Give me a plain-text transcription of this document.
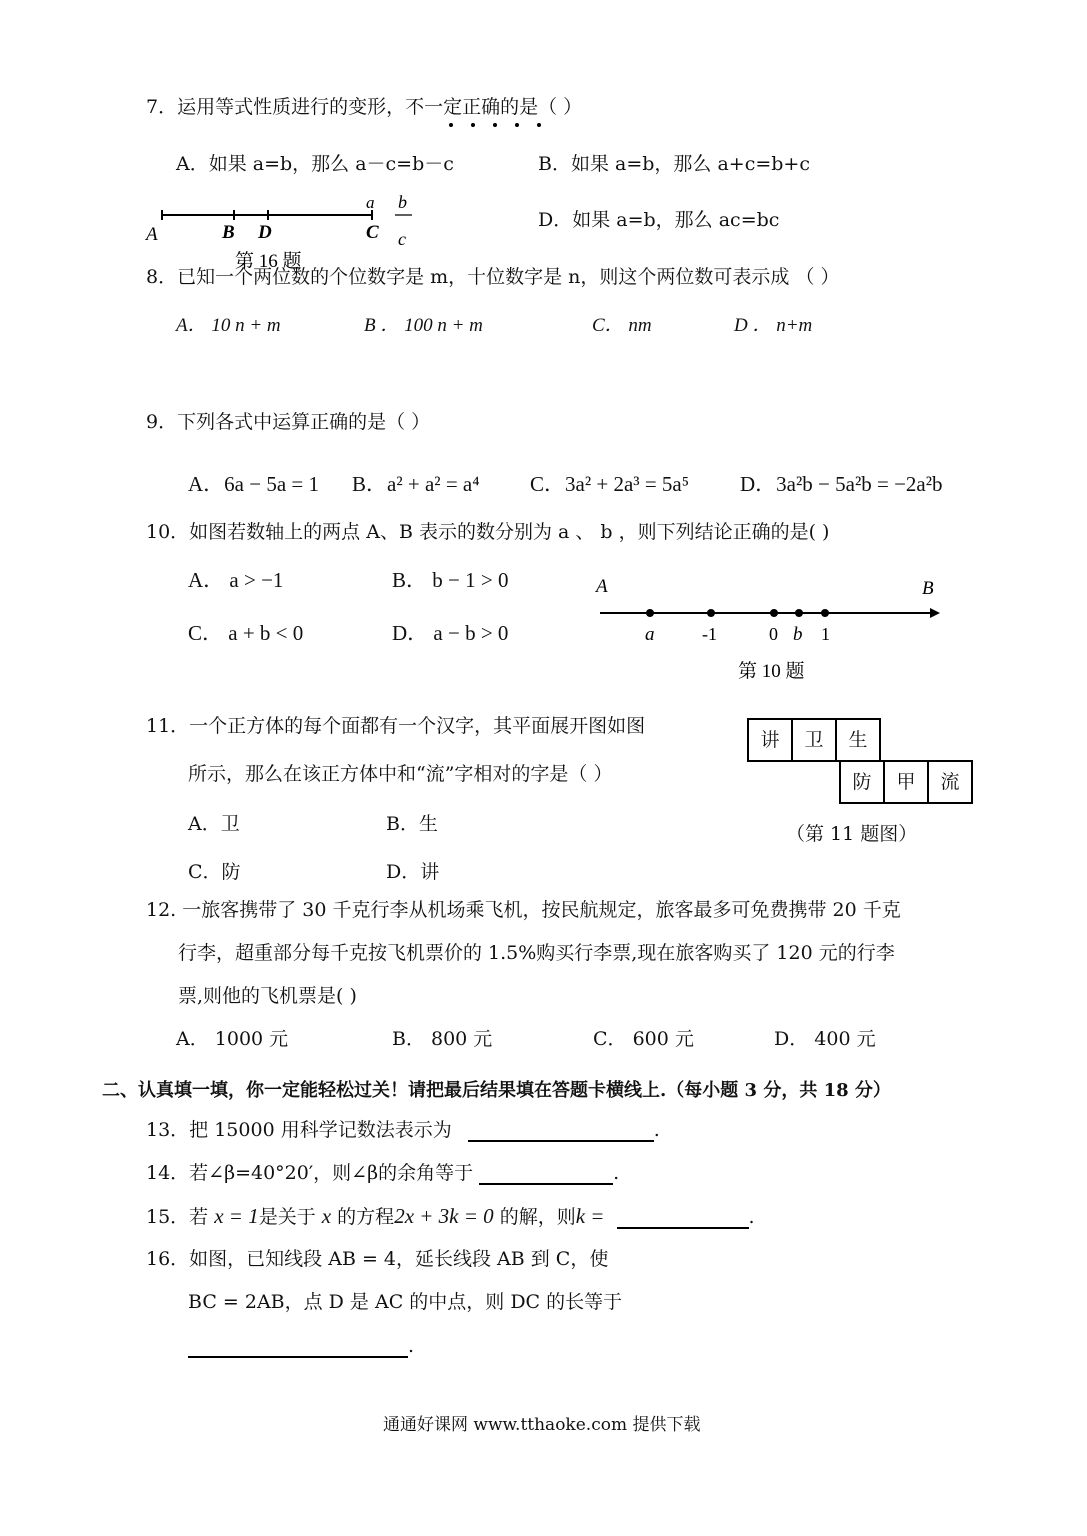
7．运用等式性质进行的变形，不一定正确的是（ ）
A．如果 a=b，那么 a－c=b－c	B．如果 a=b，那么 a+c=b+c
D．如果 a=b，那么 ac=bc
A	B D	C
a b
c
第 16 题
8．已知一个两位数的个位数字是 m，十位数字是 n，则这个两位数可表示成 （ ）
A． 10 n + m	B ． 100 n + m	C． nm	D ． n+m
9．下列各式中运算正确的是（ ）
A．6a − 5a = 1 B．a² + a² = a⁴ C．3a² + 2a³ = 5a⁵ D．3a²b − 5a²b = −2a²b
10．如图若数轴上的两点 A、B 表示的数分别为 a 、 b ，则下列结论正确的是( )
A． a > −1	B． b − 1 > 0
C． a + b < 0	D． a − b > 0
A	B
a	-1	0 b 1
第 10 题
11．一个正方体的每个面都有一个汉字，其平面展开图如图
所示，那么在该正方体中和“流”字相对的字是（ ）
A．卫	B．生
C．防	D．讲
讲	卫	生
防	甲	流
（第 11 题图）
12. 一旅客携带了 30 千克行李从机场乘飞机，按民航规定，旅客最多可免费携带 20 千克
行李，超重部分每千克按飞机票价的 1.5%购买行李票,现在旅客购买了 120 元的行李
票,则他的飞机票是( )
A． 1000 元	B． 800 元	C． 600 元	D． 400 元
二、认真填一填，你一定能轻松过关！请把最后结果填在答题卡横线上.（每小题 3 分，共 18 分）
13．把 15000 用科学记数法表示为	.
14．若∠β=40°20′，则∠β的余角等于	.
15．若 x = 1是关于 x 的方程2x + 3k = 0 的解，则k =	.
16．如图，已知线段 AB = 4，延长线段 AB 到 C，使
BC = 2AB，点 D 是 AC 的中点，则 DC 的长等于
.
通通好课网 www.tthaoke.com 提供下载
